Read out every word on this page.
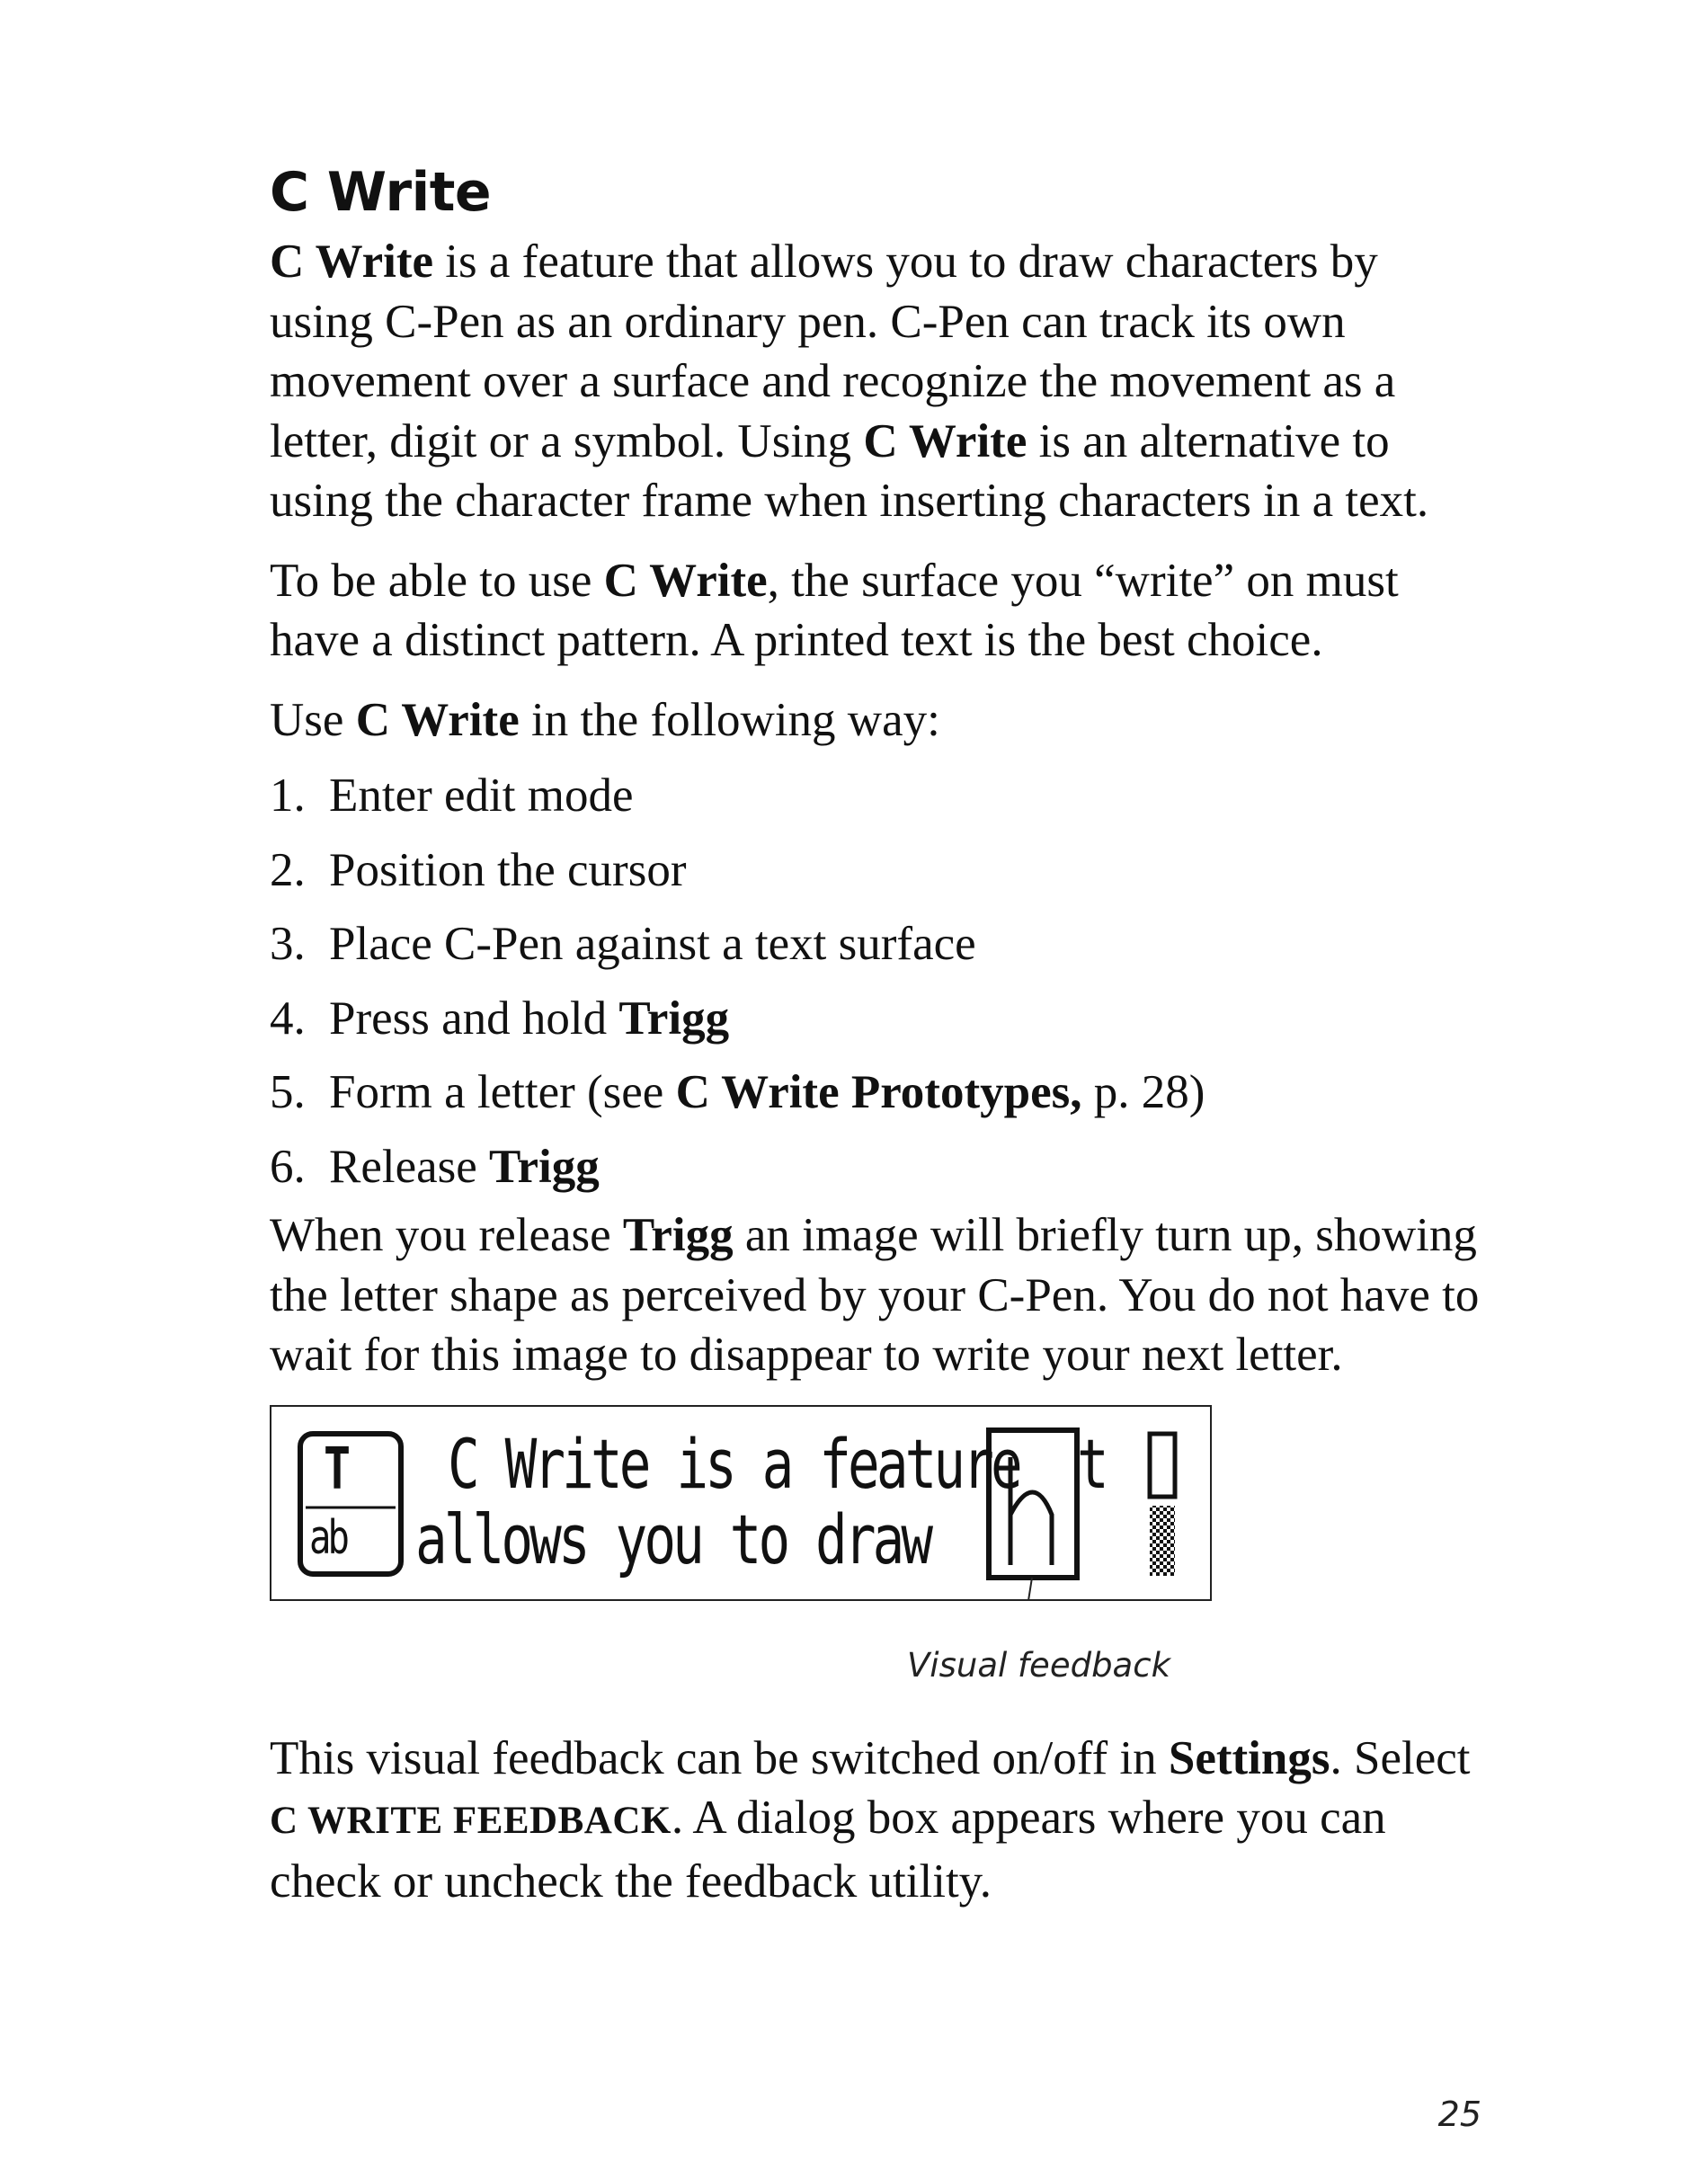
C Write

C Write is a feature that allows you to draw characters by using C-Pen as an ordinary pen. C-Pen can track its own movement over a surface and recognize the movement as a letter, digit or a symbol. Using C Write is an alternative to using the character frame when inserting characters in a text.

To be able to use C Write, the surface you “write” on must have a distinct pattern. A printed text is the best choice.

Use C Write in the following way:

1. Enter edit mode
2. Position the cursor
3. Place C-Pen against a text surface
4. Press and hold Trigg
5. Form a letter (see C Write Prototypes, p. 28)
6. Release Trigg

When you release Trigg an image will briefly turn up, showing the letter shape as perceived by your C-Pen. You do not have to wait for this image to disappear to write your next letter.

T
ab
C Write is a feature t
allows you to draw
Visual feedback

This visual feedback can be switched on/off in Settings. Select C WRITE FEEDBACK. A dialog box appears where you can check or uncheck the feedback utility.

25
